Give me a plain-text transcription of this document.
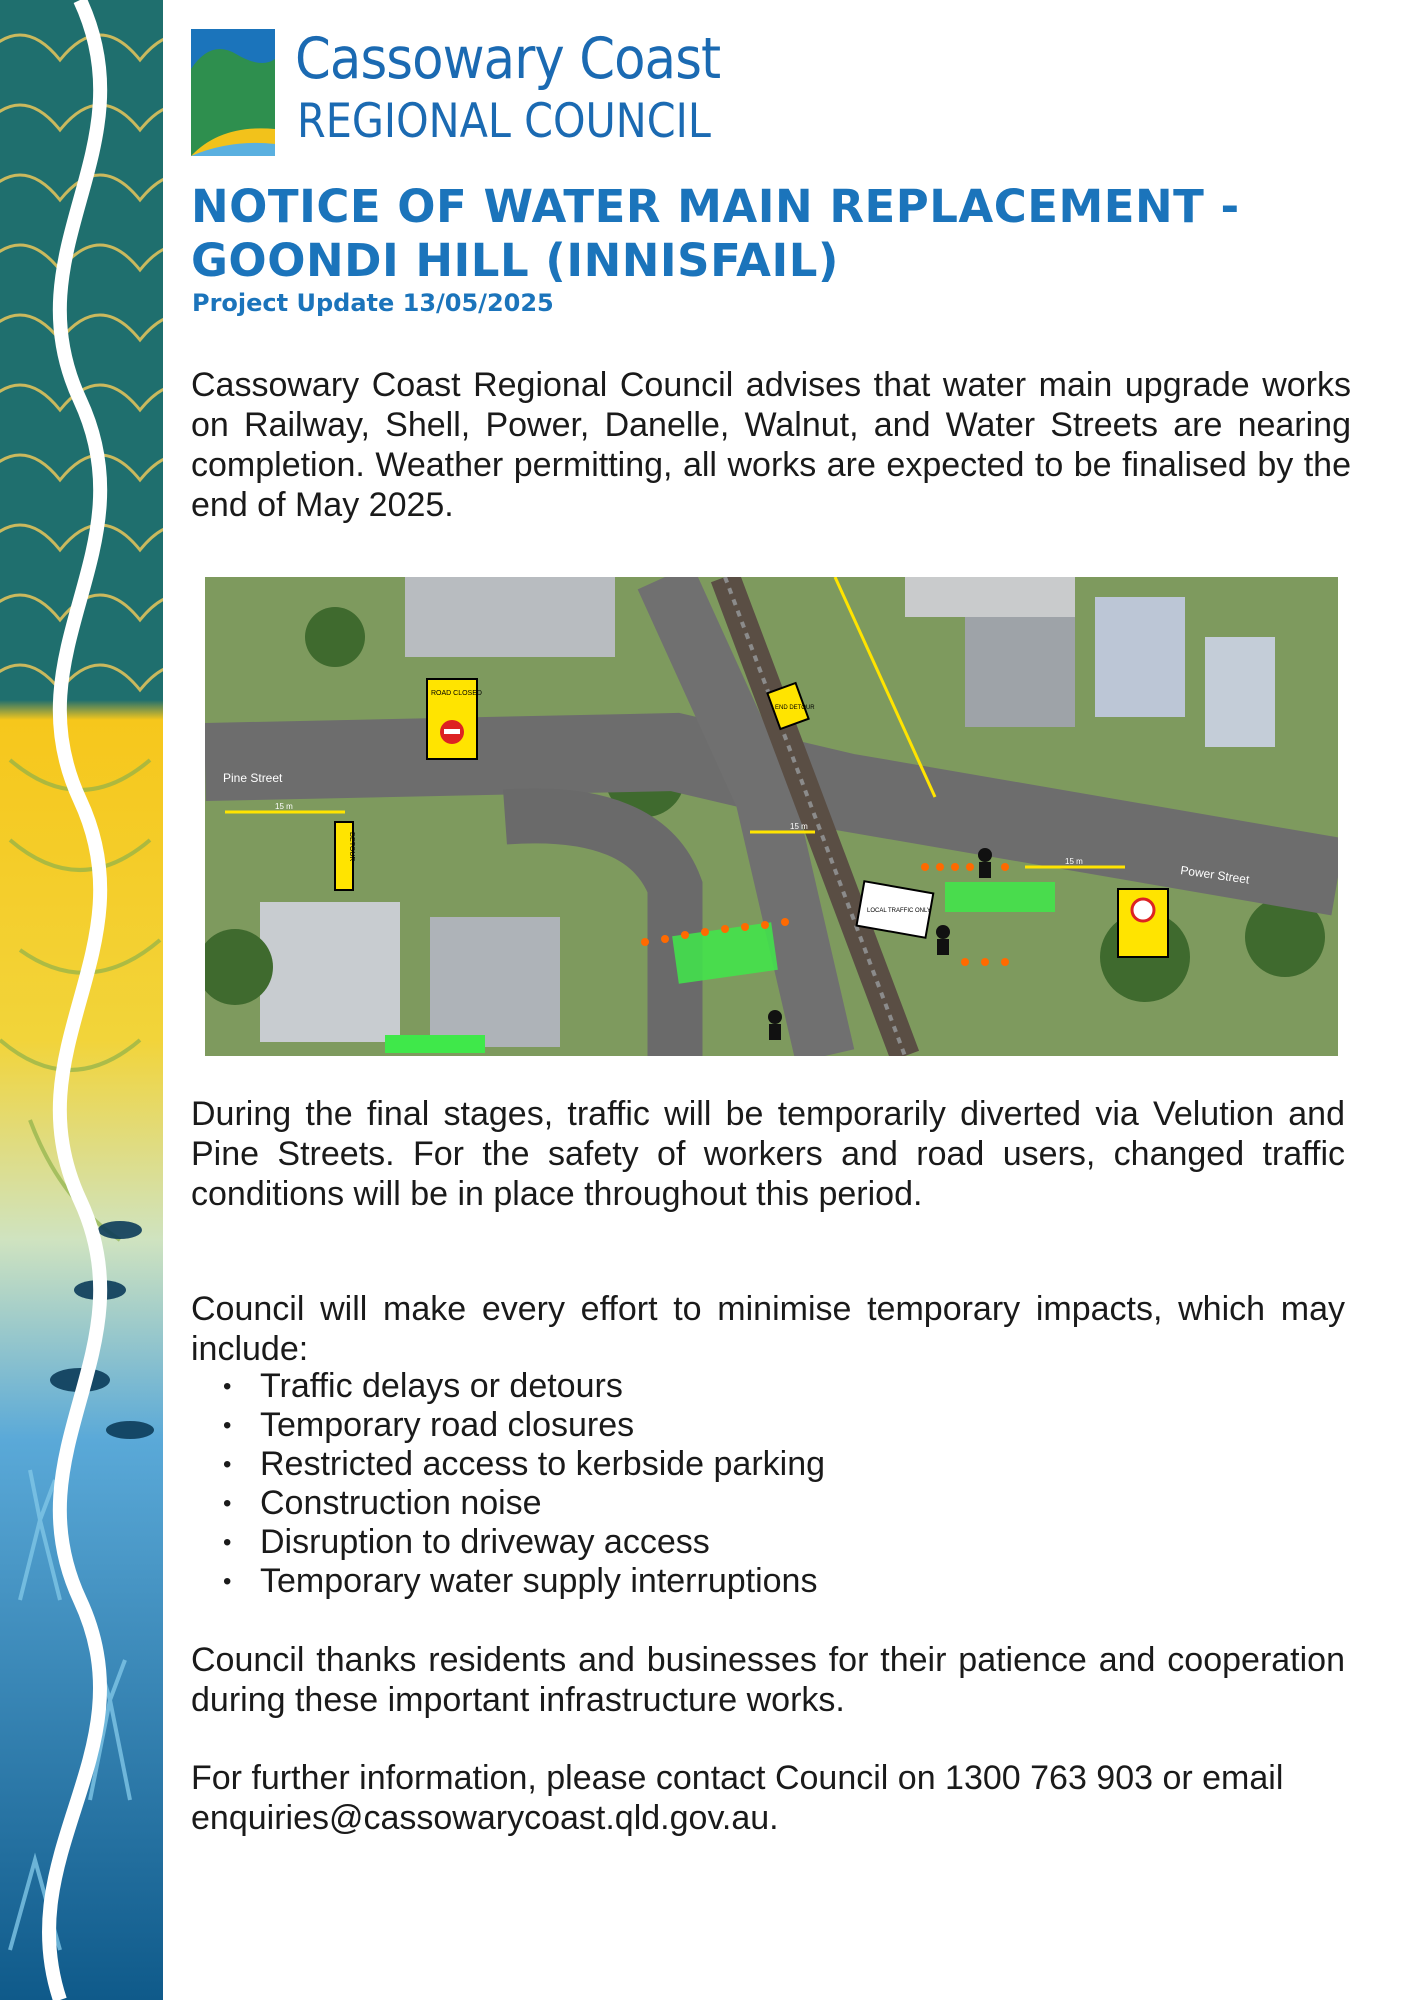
Cassowary Coast
REGIONAL COUNCIL
NOTICE OF WATER MAIN REPLACEMENT - GOONDI HILL (INNISFAIL)
Project Update 13/05/2025

Cassowary Coast Regional Council advises that water main upgrade works on Railway, Shell, Power, Danelle, Walnut, and Water Streets are nearing completion. Weather permitting, all works are expected to be finalised by the end of May 2025.

Pine Street
Power Street
15 m
15 m
15 m
ROAD CLOSED
DETOUR
END DETOUR
LOCAL TRAFFIC ONLY

During the final stages, traffic will be temporarily diverted via Velution and Pine Streets. For the safety of workers and road users, changed traffic conditions will be in place throughout this period.

Council will make every effort to minimise temporary impacts, which may include:

• Traffic delays or detours
• Temporary road closures
• Restricted access to kerbside parking
• Construction noise
• Disruption to driveway access
• Temporary water supply interruptions

Council thanks residents and businesses for their patience and cooperation during these important infrastructure works.

For further information, please contact Council on 1300 763 903 or email enquiries@cassowarycoast.qld.gov.au.
